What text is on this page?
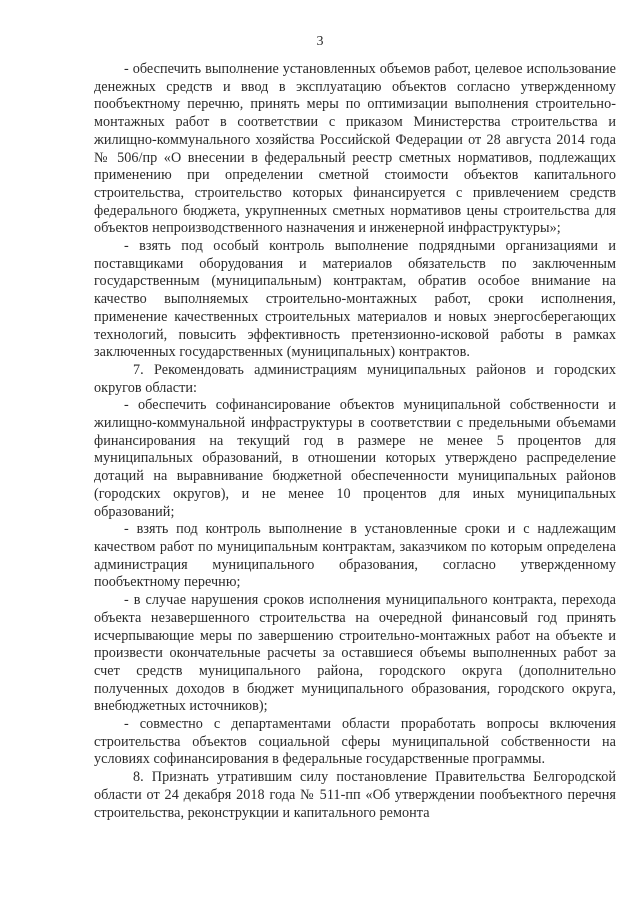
3

- обеспечить выполнение установленных объемов работ, целевое использование денежных средств и ввод в эксплуатацию объектов согласно утвержденному пообъектному перечню, принять меры по оптимизации выполнения строительно-монтажных работ в соответствии с приказом Министерства строительства и жилищно-коммунального хозяйства Российской Федерации от 28 августа 2014 года № 506/пр «О внесении в федеральный реестр сметных нормативов, подлежащих применению при определении сметной стоимости объектов капитального строительства, строительство которых финансируется с привлечением средств федерального бюджета, укрупненных сметных нормативов цены строительства для объектов непроизводственного назначения и инженерной инфраструктуры»;

- взять под особый контроль выполнение подрядными организациями и поставщиками оборудования и материалов обязательств по заключенным государственным (муниципальным) контрактам, обратив особое внимание на качество выполняемых строительно-монтажных работ, сроки исполнения, применение качественных строительных материалов и новых энергосберегающих технологий, повысить эффективность претензионно-исковой работы в рамках заключенных государственных (муниципальных) контрактов.

7. Рекомендовать администрациям муниципальных районов и городских округов области:

- обеспечить софинансирование объектов муниципальной собственности и жилищно-коммунальной инфраструктуры в соответствии с предельными объемами финансирования на текущий год в размере не менее 5 процентов для муниципальных образований, в отношении которых утверждено распределение дотаций на выравнивание бюджетной обеспеченности муниципальных районов (городских округов), и не менее 10 процентов для иных муниципальных образований;

- взять под контроль выполнение в установленные сроки и с надлежащим качеством работ по муниципальным контрактам, заказчиком по которым определена администрация муниципального образования, согласно утвержденному пообъектному перечню;

- в случае нарушения сроков исполнения муниципального контракта, перехода объекта незавершенного строительства на очередной финансовый год принять исчерпывающие меры по завершению строительно-монтажных работ на объекте и произвести окончательные расчеты за оставшиеся объемы выполненных работ за счет средств муниципального района, городского округа (дополнительно полученных доходов в бюджет муниципального образования, городского округа, внебюджетных источников);

- совместно с департаментами области проработать вопросы включения строительства объектов социальной сферы муниципальной собственности на условиях софинансирования в федеральные государственные программы.

8. Признать утратившим силу постановление Правительства Белгородской области от 24 декабря 2018 года № 511-пп «Об утверждении пообъектного перечня строительства, реконструкции и капитального ремонта
